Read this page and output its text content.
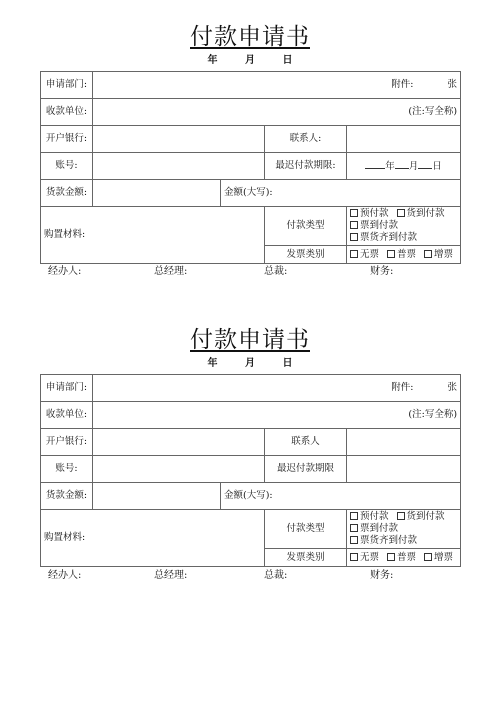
付款申请书
年	月	日
申请部门:	附件: 张			
收款单位:	(注:写全称)			
开户银行:			联系人:	
账号:			最迟付款期限:	年 月 日
货款金额:		金额(大写):		
购置材料:			付款类型	预付款 货到付款
票到付款票货齐到付款
			发票类别	无票 普票 增票
经办人:	总经理:	总裁:	财务:
付款申请书
年	月	日
申请部门:	附件: 张			
收款单位:	(注:写全称)			
开户银行:			联系人	
账号:			最迟付款期限	
货款金额:		金额(大写):		
购置材料:			付款类型	预付款 货到付款
票到付款票货齐到付款
			发票类别	无票 普票 增票
经办人:	总经理:	总裁:	财务:
